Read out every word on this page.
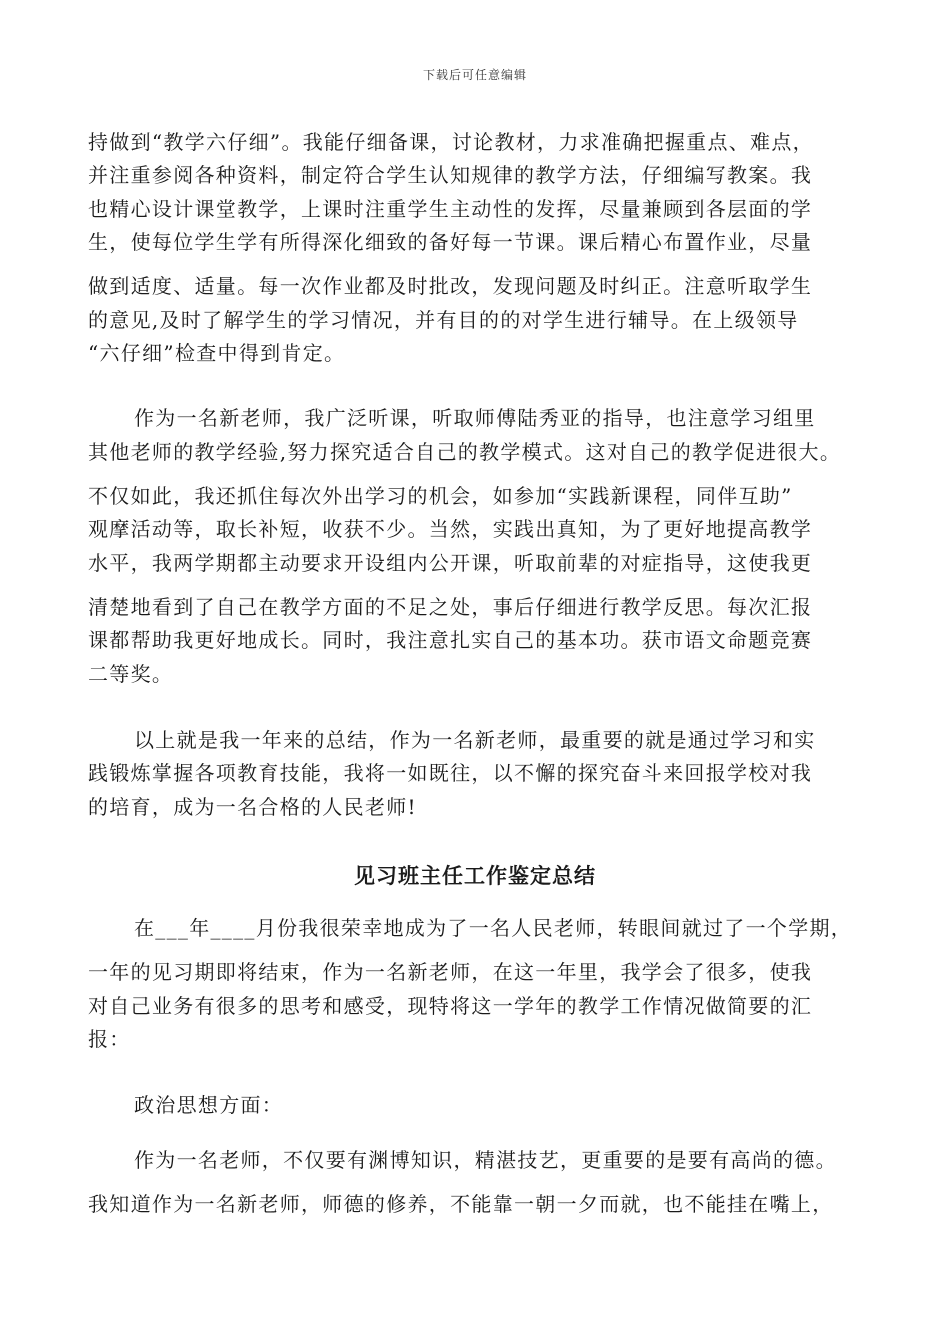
下载后可任意编辑
持做到“教学六仔细”。我能仔细备课，讨论教材，力求准确把握重点、难点，
并注重参阅各种资料，制定符合学生认知规律的教学方法，仔细编写教案。我
也精心设计课堂教学，上课时注重学生主动性的发挥，尽量兼顾到各层面的学
生，使每位学生学有所得深化细致的备好每一节课。课后精心布置作业，尽量
做到适度、适量。每一次作业都及时批改，发现问题及时纠正。注意听取学生
的意见,及时了解学生的学习情况，并有目的的对学生进行辅导。在上级领导
“六仔细”检查中得到肯定。
作为一名新老师，我广泛听课，听取师傅陆秀亚的指导，也注意学习组里
其他老师的教学经验,努力探究适合自己的教学模式。这对自己的教学促进很大。
不仅如此，我还抓住每次外出学习的机会，如参加“实践新课程，同伴互助”
观摩活动等，取长补短，收获不少。当然，实践出真知，为了更好地提高教学
水平，我两学期都主动要求开设组内公开课，听取前辈的对症指导，这使我更
清楚地看到了自己在教学方面的不足之处，事后仔细进行教学反思。每次汇报
课都帮助我更好地成长。同时，我注意扎实自己的基本功。获市语文命题竞赛
二等奖。
以上就是我一年来的总结，作为一名新老师，最重要的就是通过学习和实
践锻炼掌握各项教育技能，我将一如既往，以不懈的探究奋斗来回报学校对我
的培育，成为一名合格的人民老师!
见习班主任工作鉴定总结
在___年____月份我很荣幸地成为了一名人民老师，转眼间就过了一个学期，
一年的见习期即将结束，作为一名新老师，在这一年里，我学会了很多，使我
对自己业务有很多的思考和感受，现特将这一学年的教学工作情况做简要的汇
报：
政治思想方面：
作为一名老师，不仅要有渊博知识，精湛技艺，更重要的是要有高尚的德。
我知道作为一名新老师，师德的修养，不能靠一朝一夕而就，也不能挂在嘴上，
